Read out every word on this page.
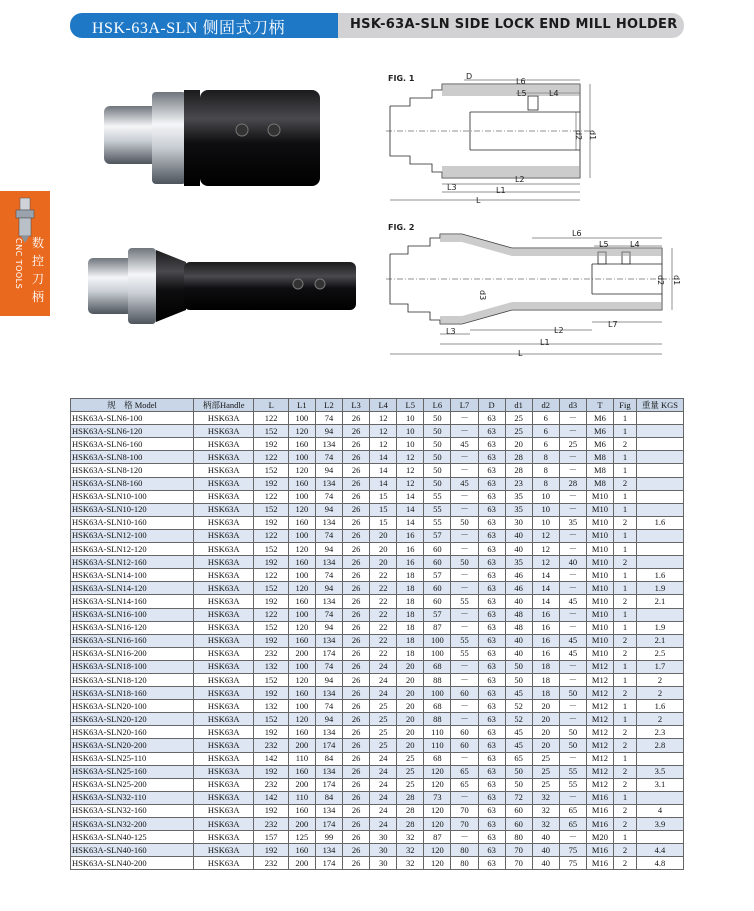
HSK-63A-SLN 侧固式刀柄	HSK-63A-SLN SIDE LOCK END MILL HOLDER
数
控
刀
柄
CNC TOOLS
FIG. 1	D
L6
L5	L4
d2 d1
L3
L2
L1
L
FIG. 2
L6
L5	L4
d3
d2 d1
L7
L3	L2
L1
L
规　格 Model	柄部Handle	L	L1	L2	L3	L4	L5	L6	L7	D	d1	d2	d3	T	Fig	重量 KGS
HSK63A-SLN6-100	HSK63A	122	100	74	26	12	10	50	－	63	25	6	－	M6	1	
HSK63A-SLN6-120	HSK63A	152	120	94	26	12	10	50	－	63	25	6	－	M6	1	
HSK63A-SLN6-160	HSK63A	192	160	134	26	12	10	50	45	63	20	6	25	M6	2	
HSK63A-SLN8-100	HSK63A	122	100	74	26	14	12	50	－	63	28	8	－	M8	1	
HSK63A-SLN8-120	HSK63A	152	120	94	26	14	12	50	－	63	28	8	－	M8	1	
HSK63A-SLN8-160	HSK63A	192	160	134	26	14	12	50	45	63	23	8	28	M8	2	
HSK63A-SLN10-100	HSK63A	122	100	74	26	15	14	55	－	63	35	10	－	M10	1	
HSK63A-SLN10-120	HSK63A	152	120	94	26	15	14	55	－	63	35	10	－	M10	1	
HSK63A-SLN10-160	HSK63A	192	160	134	26	15	14	55	50	63	30	10	35	M10	2	1.6
HSK63A-SLN12-100	HSK63A	122	100	74	26	20	16	57	－	63	40	12	－	M10	1	
HSK63A-SLN12-120	HSK63A	152	120	94	26	20	16	60	－	63	40	12	－	M10	1	
HSK63A-SLN12-160	HSK63A	192	160	134	26	20	16	60	50	63	35	12	40	M10	2	
HSK63A-SLN14-100	HSK63A	122	100	74	26	22	18	57	－	63	46	14	－	M10	1	1.6
HSK63A-SLN14-120	HSK63A	152	120	94	26	22	18	60	－	63	46	14	－	M10	1	1.9
HSK63A-SLN14-160	HSK63A	192	160	134	26	22	18	60	55	63	40	14	45	M10	2	2.1
HSK63A-SLN16-100	HSK63A	122	100	74	26	22	18	57	－	63	48	16	－	M10	1	
HSK63A-SLN16-120	HSK63A	152	120	94	26	22	18	87	－	63	48	16	－	M10	1	1.9
HSK63A-SLN16-160	HSK63A	192	160	134	26	22	18	100	55	63	40	16	45	M10	2	2.1
HSK63A-SLN16-200	HSK63A	232	200	174	26	22	18	100	55	63	40	16	45	M10	2	2.5
HSK63A-SLN18-100	HSK63A	132	100	74	26	24	20	68	－	63	50	18	－	M12	1	1.7
HSK63A-SLN18-120	HSK63A	152	120	94	26	24	20	88	－	63	50	18	－	M12	1	2
HSK63A-SLN18-160	HSK63A	192	160	134	26	24	20	100	60	63	45	18	50	M12	2	2
HSK63A-SLN20-100	HSK63A	132	100	74	26	25	20	68	－	63	52	20	－	M12	1	1.6
HSK63A-SLN20-120	HSK63A	152	120	94	26	25	20	88	－	63	52	20	－	M12	1	2
HSK63A-SLN20-160	HSK63A	192	160	134	26	25	20	110	60	63	45	20	50	M12	2	2.3
HSK63A-SLN20-200	HSK63A	232	200	174	26	25	20	110	60	63	45	20	50	M12	2	2.8
HSK63A-SLN25-110	HSK63A	142	110	84	26	24	25	68	－	63	65	25	－	M12	1	
HSK63A-SLN25-160	HSK63A	192	160	134	26	24	25	120	65	63	50	25	55	M12	2	3.5
HSK63A-SLN25-200	HSK63A	232	200	174	26	24	25	120	65	63	50	25	55	M12	2	3.1
HSK63A-SLN32-110	HSK63A	142	110	84	26	24	28	73	－	63	72	32	－	M16	1	
HSK63A-SLN32-160	HSK63A	192	160	134	26	24	28	120	70	63	60	32	65	M16	2	4
HSK63A-SLN32-200	HSK63A	232	200	174	26	24	28	120	70	63	60	32	65	M16	2	3.9
HSK63A-SLN40-125	HSK63A	157	125	99	26	30	32	87	－	63	80	40	－	M20	1	
HSK63A-SLN40-160	HSK63A	192	160	134	26	30	32	120	80	63	70	40	75	M16	2	4.4
HSK63A-SLN40-200	HSK63A	232	200	174	26	30	32	120	80	63	70	40	75	M16	2	4.8
